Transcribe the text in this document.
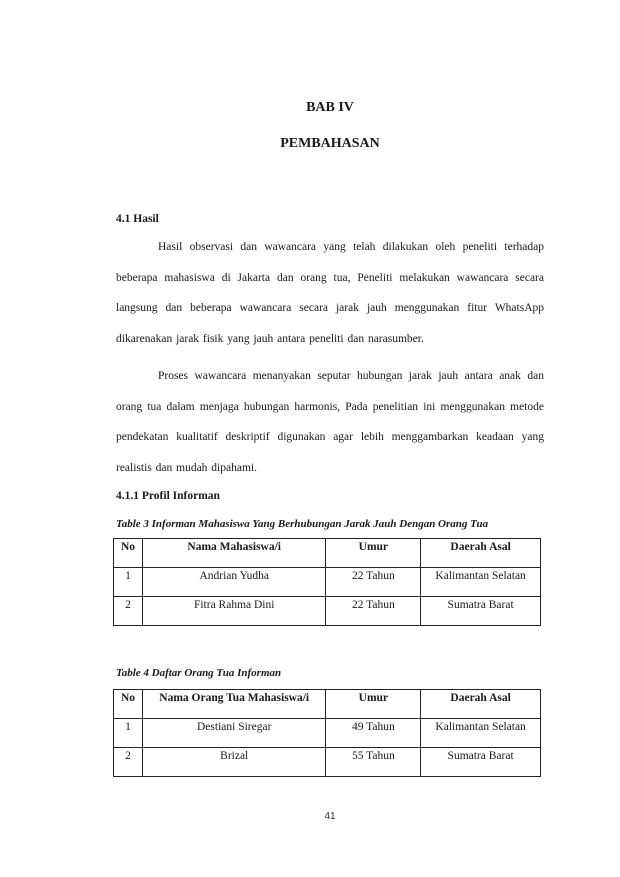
BAB IV
PEMBAHASAN
4.1 Hasil

Hasil observasi dan wawancara yang telah dilakukan oleh peneliti terhadap beberapa mahasiswa di Jakarta dan orang tua, Peneliti melakukan wawancara secara langsung dan beberapa wawancara secara jarak jauh menggunakan fitur WhatsApp dikarenakan jarak fisik yang jauh antara peneliti dan narasumber.

Proses wawancara menanyakan seputar hubungan jarak jauh antara anak dan orang tua dalam menjaga hubungan harmonis, Pada penelitian ini menggunakan metode pendekatan kualitatif deskriptif digunakan agar lebih menggambarkan keadaan yang realistis dan mudah dipahami.

4.1.1 Profil Informan
Table 3 Informan Mahasiswa Yang Berhubungan Jarak Jauh Dengan Orang Tua
No	Nama Mahasiswa/i	Umur	Daerah Asal
1	Andrian Yudha	22 Tahun	Kalimantan Selatan
2	Fitra Rahma Dini	22 Tahun	Sumatra Barat
Table 4 Daftar Orang Tua Informan
No	Nama Orang Tua Mahasiswa/i	Umur	Daerah Asal
1	Destiani Siregar	49 Tahun	Kalimantan Selatan
2	Brizal	55 Tahun	Sumatra Barat
41
